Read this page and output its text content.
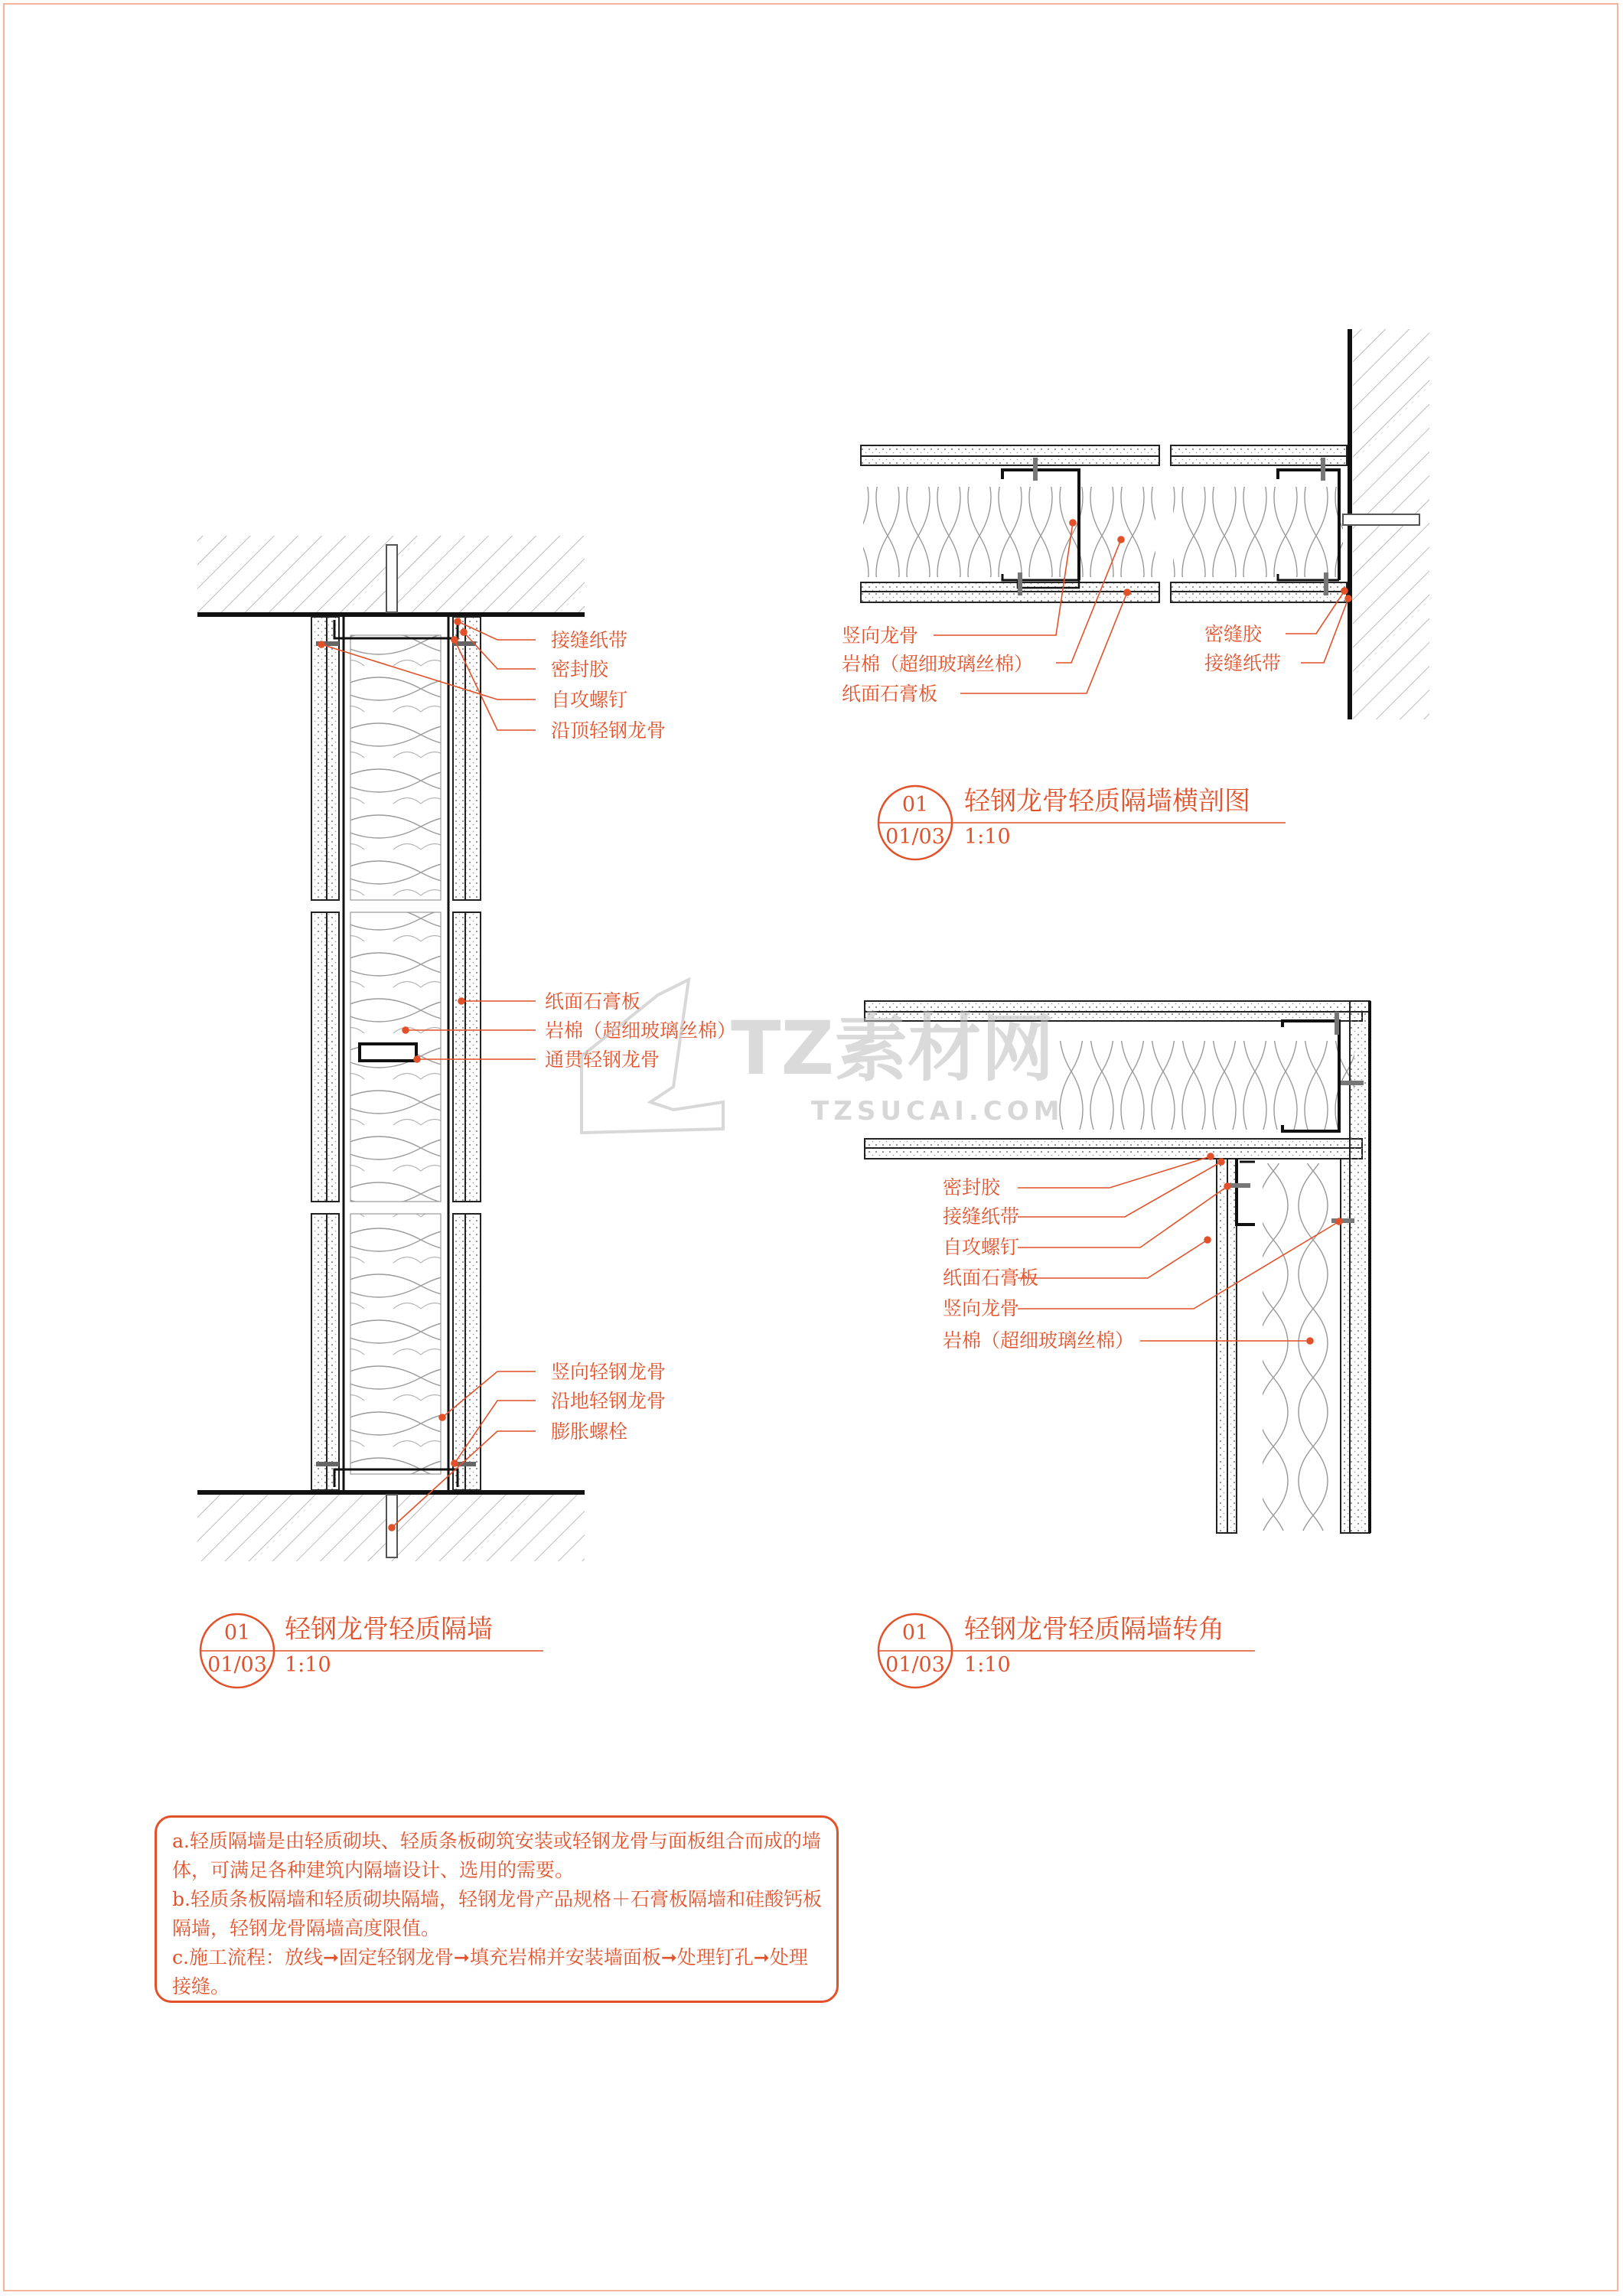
接缝纸带
密封胶
自攻螺钉
沿顶轻钢龙骨
纸面石膏板
岩棉（超细玻璃丝棉）
通贯轻钢龙骨
竖向轻钢龙骨
沿地轻钢龙骨
膨胀螺栓
01
01/03
轻钢龙骨轻质隔墙
1:10
竖向龙骨
岩棉（超细玻璃丝棉）
纸面石膏板
密缝胶
接缝纸带
01
01/03
轻钢龙骨轻质隔墙横剖图
1:10
密封胶
接缝纸带
自攻螺钉
纸面石膏板
竖向龙骨
岩棉（超细玻璃丝棉）
01
01/03
轻钢龙骨轻质隔墙转角
1:10
TZ素材网
TZSUCAI.COM

a.轻质隔墙是由轻质砌块、轻质条板砌筑安装或轻钢龙骨与面板组合而成的墙体，可满足各种建筑内隔墙设计、选用的需要。

b.轻质条板隔墙和轻质砌块隔墙，轻钢龙骨产品规格＋石膏板隔墙和硅酸钙板隔墙，轻钢龙骨隔墙高度限值。

c.施工流程：放线➞固定轻钢龙骨➞填充岩棉并安装墙面板➞处理钉孔➞处理接缝。
